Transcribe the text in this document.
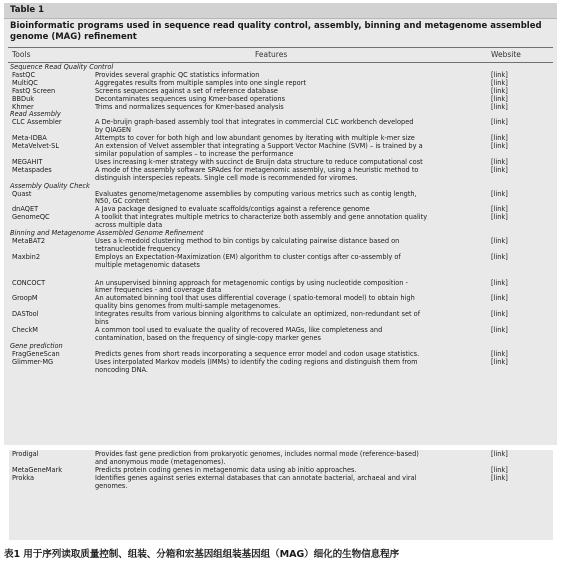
Table 1
Bioinformatic programs used in sequence read quality control, assembly, binning and metagenome assembled genome (MAG) refinement
Tools	Features	Website
Sequence Read Quality Control
FastQC	Provides several graphic QC statistics information	[link]
MultiQC	Aggregates results from multiple samples into one single report	[link]
FastQ Screen	Screens sequences against a set of reference database	[link]
BBDuk	Decontaminates sequences using Kmer-based operations	[link]
Khmer	Trims and normalizes sequences for Kmer-based analysis	[link]
Read Assembly
CLC Assembler	A De-bruijn graph-based assembly tool that integrates in commercial CLC workbench developed	[link]
by QIAGEN
Meta-IDBA	Attempts to cover for both high and low abundant genomes by iterating with multiple k-mer size	[link]
MetaVelvet-SL	An extension of Velvet assembler that integrating a Support Vector Machine (SVM) – is trained by a	[link]
similar population of samples – to increase the performance
MEGAHIT	Uses increasing k-mer strategy with succinct de Bruijn data structure to reduce computational cost	[link]
Metaspades	A mode of the assembly software SPAdes for metagenomic assembly, using a heuristic method to	[link]
distinguish interspecies repeats. Single cell mode is recommended for viromes.
Assembly Quality Check
Quast	Evaluates genome/metagenome assemblies by computing various metrics such as contig length,	[link]
N50, GC content
dnAQET	A Java package designed to evaluate scaffolds/contigs against a reference genome	[link]
GenomeQC	A toolkit that integrates multiple metrics to characterize both assembly and gene annotation quality	[link]
across multiple data
Binning and Metagenome Assembled Genome Refinement
MetaBAT2	Uses a k-medoid clustering method to bin contigs by calculating pairwise distance based on	[link]
tetranucleotide frequency
Maxbin2	Employs an Expectation-Maximization (EM) algorithm to cluster contigs after co-assembly of	[link]
multiple metagenomic datasets
CONCOCT	An unsupervised binning approach for metagenomic contigs by using nucleotide composition -	[link]
kmer frequencies - and coverage data
GroopM	An automated binning tool that uses differential coverage ( spatio-temoral model) to obtain high	[link]
quality bins genomes from multi-sample metagenomes.
DASTool	Integrates results from various binning algorithms to calculate an optimized, non-redundant set of	[link]
bins
CheckM	A common tool used to evaluate the quality of recovered MAGs, like completeness and	[link]
contamination, based on the frequency of single-copy marker genes
Gene prediction
FragGeneScan	Predicts genes from short reads incorporating a sequence error model and codon usage statistics.	[link]
Glimmer-MG	Uses interpolated Markov models (IMMs) to identify the coding regions and distinguish them from	[link]
noncoding DNA.
Prodigal	Provides fast gene prediction from prokaryotic genomes, includes normal mode (reference-based)	[link]
and anonymous mode (metagenomes).
MetaGeneMark	Predicts protein coding genes in metagenomic data using ab initio approaches.	[link]
Prokka	Identifies genes against series external databases that can annotate bacterial, archaeal and viral	[link]
genomes.
表1 用于序列读取质量控制、组装、分箱和宏基因组组装基因组（MAG）细化的生物信息程序
